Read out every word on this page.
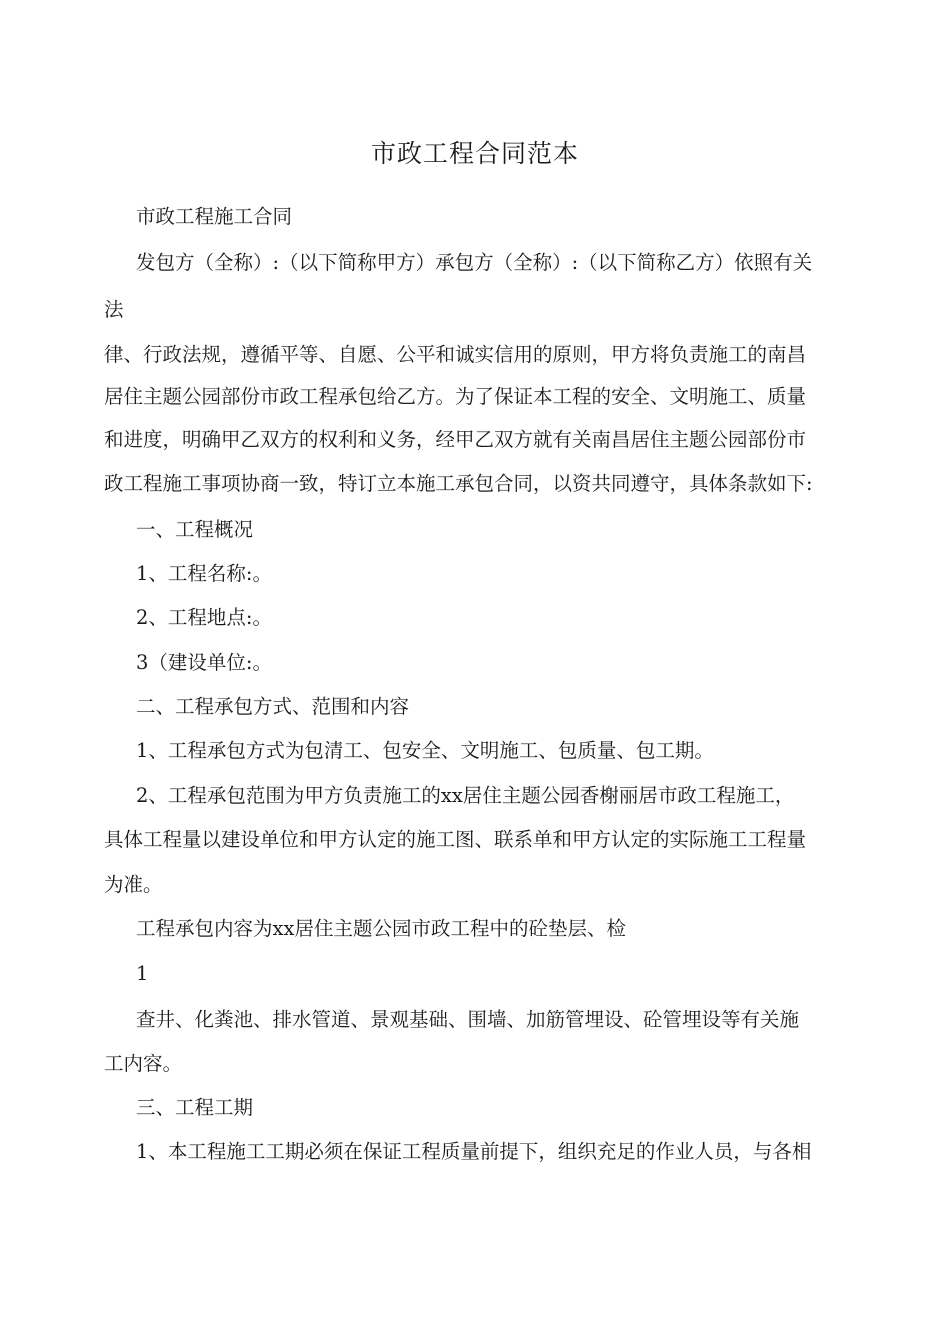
市政工程合同范本
市政工程施工合同
发包方（全称）:（以下简称甲方）承包方（全称）:（以下简称乙方）依照有关
法
律、行政法规，遵循平等、自愿、公平和诚实信用的原则，甲方将负责施工的南昌
居住主题公园部份市政工程承包给乙方。为了保证本工程的安全、文明施工、质量
和进度，明确甲乙双方的权利和义务，经甲乙双方就有关南昌居住主题公园部份市
政工程施工事项协商一致，特订立本施工承包合同，以资共同遵守，具体条款如下:
一、工程概况
1、工程名称:。
2、工程地点:。
3（建设单位:。
二、工程承包方式、范围和内容
1、工程承包方式为包清工、包安全、文明施工、包质量、包工期。
2、工程承包范围为甲方负责施工的xx居住主题公园香榭丽居市政工程施工，
具体工程量以建设单位和甲方认定的施工图、联系单和甲方认定的实际施工工程量
为准。
工程承包内容为xx居住主题公园市政工程中的砼垫层、检
1
查井、化粪池、排水管道、景观基础、围墙、加筋管埋设、砼管埋设等有关施
工内容。
三、工程工期
1、本工程施工工期必须在保证工程质量前提下，组织充足的作业人员，与各相
